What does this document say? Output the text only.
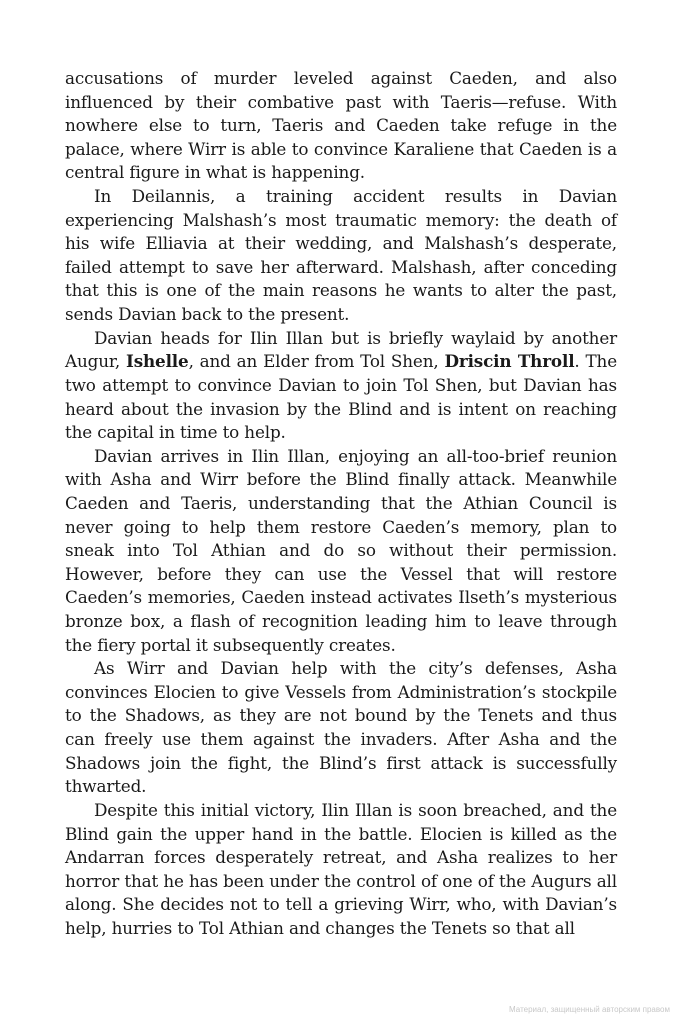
accusations of murder leveled against Caeden, and also influenced by their combative past with Taeris—refuse. With nowhere else to turn, Taeris and Caeden take refuge in the palace, where Wirr is able to convince Karaliene that Caeden is a central figure in what is happening.

In Deilannis, a training accident results in Davian experiencing Malshash’s most traumatic memory: the death of his wife Elliavia at their wedding, and Malshash’s desperate, failed attempt to save her afterward. Malshash, after conceding that this is one of the main reasons he wants to alter the past, sends Davian back to the present.

Davian heads for Ilin Illan but is briefly waylaid by another Augur, Ishelle, and an Elder from Tol Shen, Driscin Throll. The two attempt to convince Davian to join Tol Shen, but Davian has heard about the invasion by the Blind and is intent on reaching the capital in time to help.

Davian arrives in Ilin Illan, enjoying an all-too-brief reunion with Asha and Wirr before the Blind finally attack. Meanwhile Caeden and Taeris, understanding that the Athian Council is never going to help them restore Caeden’s memory, plan to sneak into Tol Athian and do so without their permission. However, before they can use the Vessel that will restore Caeden’s memories, Caeden instead activates Ilseth’s mysterious bronze box, a flash of recognition leading him to leave through the fiery portal it subsequently creates.

As Wirr and Davian help with the city’s defenses, Asha convinces Elocien to give Vessels from Administration’s stockpile to the Shadows, as they are not bound by the Tenets and thus can freely use them against the invaders. After Asha and the Shadows join the fight, the Blind’s first attack is successfully thwarted.

Despite this initial victory, Ilin Illan is soon breached, and the Blind gain the upper hand in the battle. Elocien is killed as the Andarran forces desperately retreat, and Asha realizes to her horror that he has been under the control of one of the Augurs all along. She decides not to tell a grieving Wirr, who, with Davian’s help, hurries to Tol Athian and changes the Tenets so that all

Материал, защищенный авторским правом
